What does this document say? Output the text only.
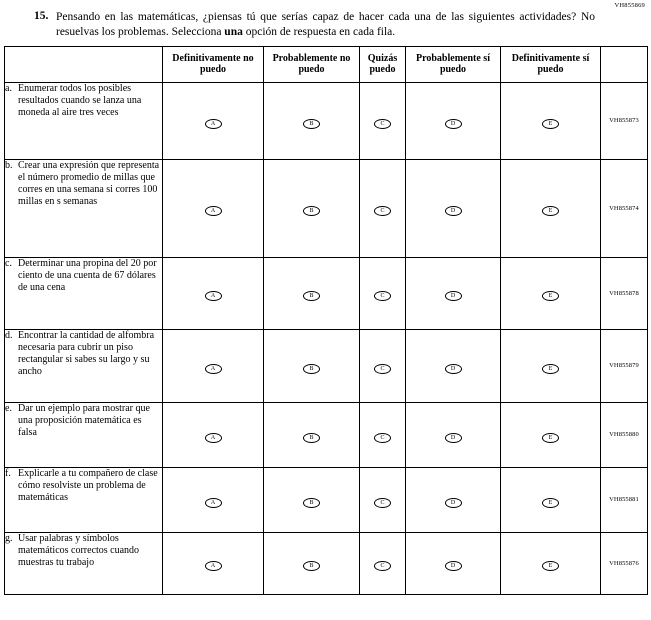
VH855869
15. Pensando en las matemáticas, ¿piensas tú que serías capaz de hacer cada una de las siguientes actividades? No resuelvas los problemas. Selecciona una opción de respuesta en cada fila.
	Definitivamente no puedo	Probablemente no puedo	Quizás puedo	Probablemente sí puedo	Definitivamente sí puedo	

a. Enumerar todos los posibles resultados cuando se lanza una moneda al aire tres veces	A	B	C	D	E	VH855873

b. Crear una expresión que representa el número promedio de millas que corres en una semana si corres 100 millas en s semanas	A	B	C	D	E	VH855874

c. Determinar una propina del 20 por ciento de una cuenta de 67 dólares de una cena	A	B	C	D	E	VH855878

d. Encontrar la cantidad de alfombra necesaria para cubrir un piso rectangular si sabes su largo y su ancho	A	B	C	D	E	VH855879

e. Dar un ejemplo para mostrar que una proposición matemática es falsa	A	B	C	D	E	VH855880

f. Explicarle a tu compañero de clase cómo resolviste un problema de matemáticas	A	B	C	D	E	VH855881

g. Usar palabras y símbolos matemáticos correctos cuando muestras tu trabajo	A	B	C	D	E	VH855876
